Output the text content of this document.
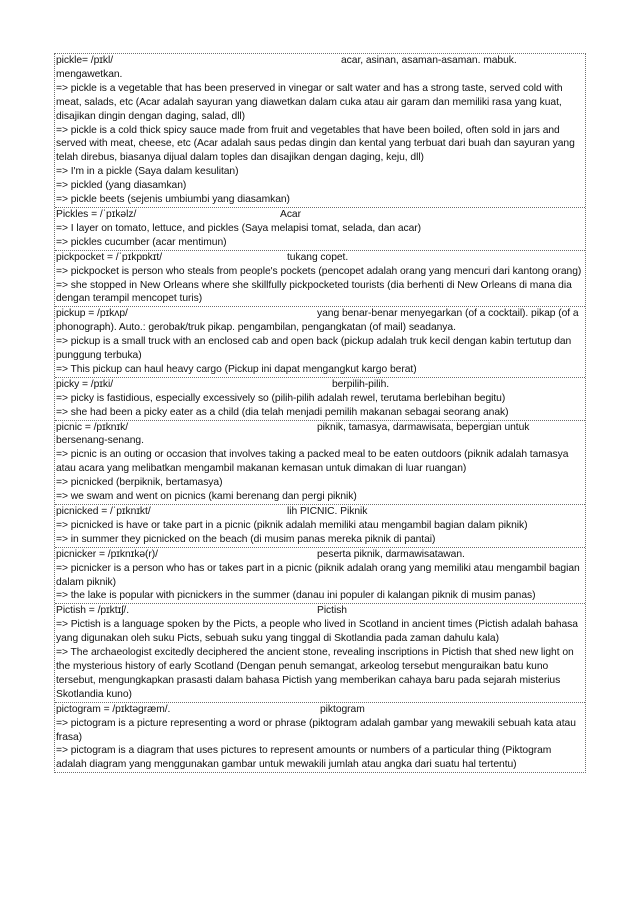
pickle= /pɪkl/	acar, asinan, asaman-asaman. mabuk. mengawetkan.
=> pickle is a vegetable that has been preserved in vinegar or salt water and has a strong taste, served cold with meat, salads, etc (Acar adalah sayuran yang diawetkan dalam cuka atau air garam dan memiliki rasa yang kuat, disajikan dingin dengan daging, salad, dll)
=> pickle is a cold thick spicy sauce made from fruit and vegetables that have been boiled, often sold in jars and served with meat, cheese, etc (Acar adalah saus pedas dingin dan kental yang terbuat dari buah dan sayuran yang telah direbus, biasanya dijual dalam toples dan disajikan dengan daging, keju, dll)
=> I'm in a pickle (Saya dalam kesulitan)
=> pickled (yang diasamkan)
=> pickle beets (sejenis umbiumbi yang diasamkan)
Pickles = /ˈpɪkəlz/	Acar
=> I layer on tomato, lettuce, and pickles (Saya melapisi tomat, selada, dan acar)
=> pickles cucumber (acar mentimun)
pickpocket = /ˈpɪkpɒkɪt/	tukang copet.
=> pickpocket is person who steals from people's pockets (pencopet adalah orang yang mencuri dari kantong orang)
=> she stopped in New Orleans where she skillfully pickpocketed tourists (dia berhenti di New Orleans di mana dia dengan terampil mencopet turis)
pickup = /pɪkʌp/	yang benar-benar menyegarkan (of a cocktail). pikap (of a phonograph). Auto.: gerobak/truk pikap. pengambilan, pengangkatan (of mail) seadanya.
=> pickup is a small truck with an enclosed cab and open back (pickup adalah truk kecil dengan kabin tertutup dan punggung terbuka)
=> This pickup can haul heavy cargo (Pickup ini dapat mengangkut kargo berat)
picky = /pɪki/	berpilih-pilih.
=> picky is fastidious, especially excessively so (pilih-pilih adalah rewel, terutama berlebihan begitu)
=> she had been a picky eater as a child (dia telah menjadi pemilih makanan sebagai seorang anak)
picnic = /pɪknɪk/	piknik, tamasya, darmawisata, bepergian untuk bersenang-senang.
=> picnic is an outing or occasion that involves taking a packed meal to be eaten outdoors (piknik adalah tamasya atau acara yang melibatkan mengambil makanan kemasan untuk dimakan di luar ruangan)
=> picnicked (berpiknik, bertamasya)
=> we swam and went on picnics (kami berenang dan pergi piknik)
picnicked = /ˈpɪknɪkt/	lih PICNIC. Piknik
=> picnicked is have or take part in a picnic (piknik adalah memiliki atau mengambil bagian dalam piknik)
=> in summer they picnicked on the beach (di musim panas mereka piknik di pantai)
picnicker = /pɪknɪkə(r)/	peserta piknik, darmawisatawan.
=> picnicker is a person who has or takes part in a picnic (piknik adalah orang yang memiliki atau mengambil bagian dalam piknik)
=> the lake is popular with picnickers in the summer (danau ini populer di kalangan piknik di musim panas)
Pictish = /pɪktɪʃ/.	Pictish
=> Pictish is a language spoken by the Picts, a people who lived in Scotland in ancient times (Pictish adalah bahasa yang digunakan oleh suku Picts, sebuah suku yang tinggal di Skotlandia pada zaman dahulu kala)
=> The archaeologist excitedly deciphered the ancient stone, revealing inscriptions in Pictish that shed new light on the mysterious history of early Scotland (Dengan penuh semangat, arkeolog tersebut menguraikan batu kuno tersebut, mengungkapkan prasasti dalam bahasa Pictish yang memberikan cahaya baru pada sejarah misterius Skotlandia kuno)
pictogram = /pɪktəgræm/.	piktogram
=> pictogram is a picture representing a word or phrase (piktogram adalah gambar yang mewakili sebuah kata atau frasa)
=> pictogram is a diagram that uses pictures to represent amounts or numbers of a particular thing (Piktogram adalah diagram yang menggunakan gambar untuk mewakili jumlah atau angka dari suatu hal tertentu)
